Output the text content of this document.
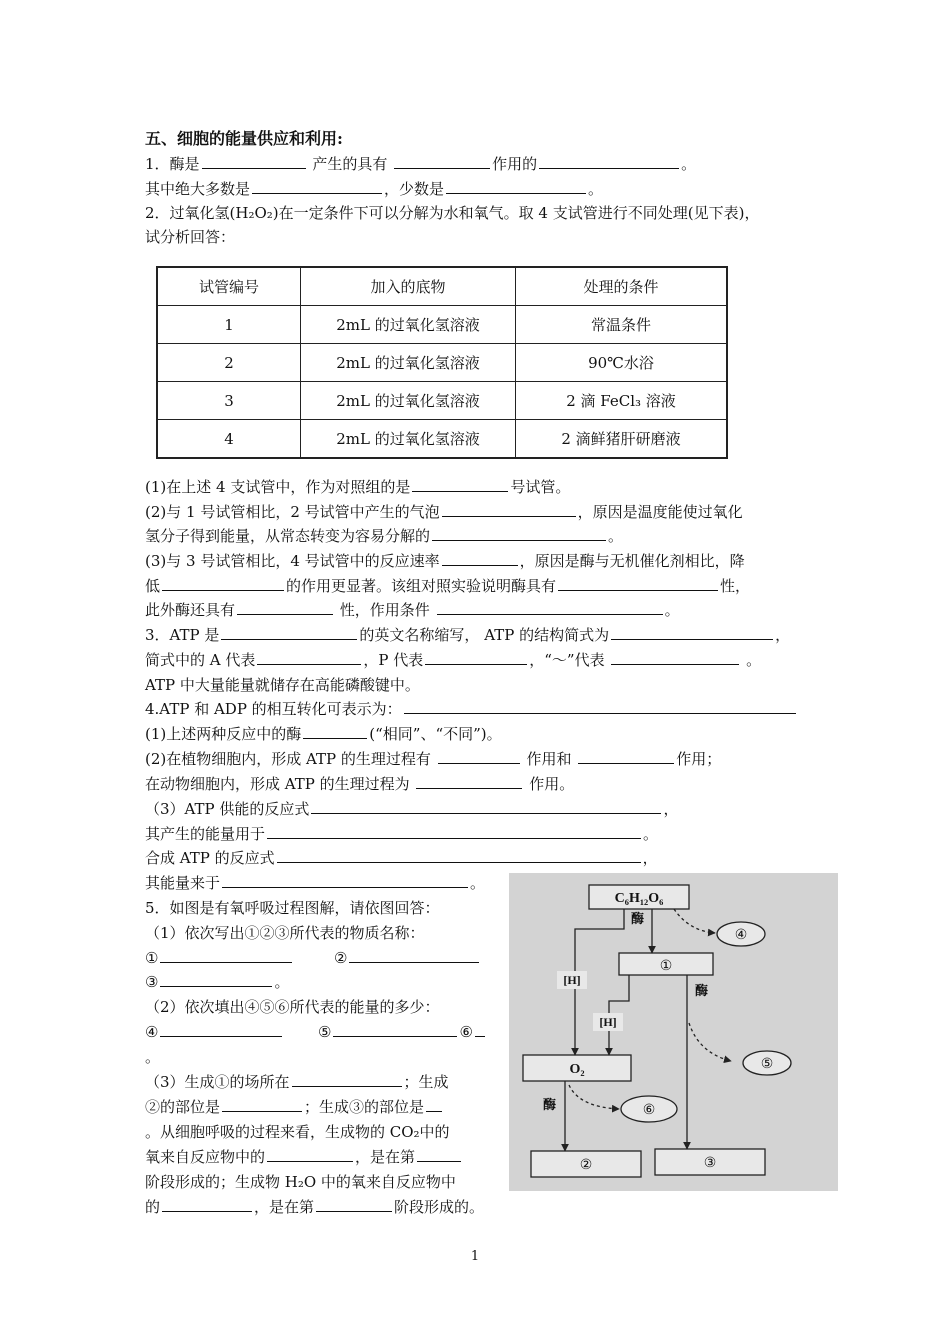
五、细胞的能量供应和利用:
1．酶是	产生的具有	作用的	。
其中绝大多数是	，少数是	。
2．过氧化氢(H₂O₂)在一定条件下可以分解为水和氧气。取 4 支试管进行不同处理(见下表)，
试分析回答：
试管编号	加入的底物	处理的条件
1	2mL 的过氧化氢溶液	常温条件
2	2mL 的过氧化氢溶液	90℃水浴
3	2mL 的过氧化氢溶液	2 滴 FeCl₃ 溶液
4	2mL 的过氧化氢溶液	2 滴鲜猪肝研磨液
(1)在上述 4 支试管中，作为对照组的是	号试管。
(2)与 1 号试管相比，2 号试管中产生的气泡	，原因是温度能使过氧化
氢分子得到能量，从常态转变为容易分解的	。
(3)与 3 号试管相比，4 号试管中的反应速率	，原因是酶与无机催化剂相比，降
低	的作用更显著。该组对照实验说明酶具有	性，
此外酶还具有	性，作用条件	。
3．ATP 是	的英文名称缩写， ATP 的结构简式为	，
简式中的 A 代表	，P 代表	，“～”代表	。
ATP 中大量能量就储存在高能磷酸键中。
4.ATP 和 ADP 的相互转化可表示为：
(1)上述两种反应中的酶	(“相同”、“不同”)。
(2)在植物细胞内，形成 ATP 的生理过程有	作用和	作用；
在动物细胞内，形成 ATP 的生理过程为	作用。
（3）ATP 供能的反应式	，
其产生的能量用于	。
合成 ATP 的反应式	，
其能量来于	。
5．如图是有氧呼吸过程图解，请依图回答：
（1）依次写出①②③所代表的物质名称：
①	②
③	。
（2）依次填出④⑤⑥所代表的能量的多少：
④	⑤	⑥
。
（3）生成①的场所在	；生成
②的部位是	；生成③的部位是
。从细胞呼吸的过程来看，生成物的 CO₂中的
氧来自反应物中的	，是在第
阶段形成的；生成物 H₂O 中的氧来自反应物中
的	，是在第	阶段形成的。
C₆H₁₂O₆
酶
①
④
酶
[H]
[H]
O₂	⑤
酶	⑥
②	③
1
